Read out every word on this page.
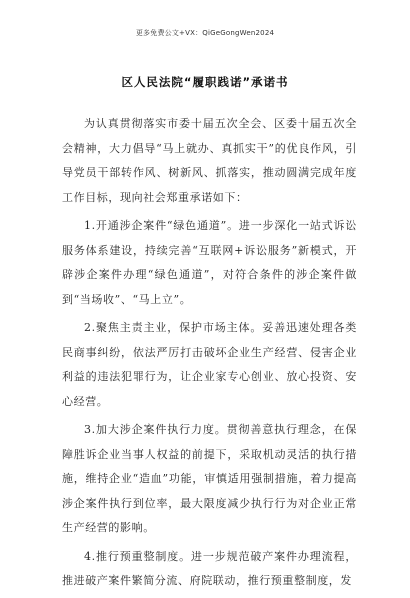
更多免费公文+VX：QiGeGongWen2024
区人民法院“履职践诺”承诺书

为认真贯彻落实市委十届五次全会、区委十届五次全会精神，大力倡导“马上就办、真抓实干”的优良作风，引导党员干部转作风、树新风、抓落实，推动圆满完成年度工作目标，现向社会郑重承诺如下：

1.开通涉企案件“绿色通道”。进一步深化一站式诉讼服务体系建设，持续完善“互联网+诉讼服务”新模式，开辟涉企案件办理“绿色通道”，对符合条件的涉企案件做到“当场收”、“马上立”。

2.聚焦主责主业，保护市场主体。妥善迅速处理各类民商事纠纷，依法严厉打击破坏企业生产经营、侵害企业利益的违法犯罪行为，让企业家专心创业、放心投资、安心经营。

3.加大涉企案件执行力度。贯彻善意执行理念，在保障胜诉企业当事人权益的前提下，采取机动灵活的执行措施，维持企业“造血”功能，审慎适用强制措施，着力提高涉企案件执行到位率，最大限度减少执行行为对企业正常生产经营的影响。

4.推行预重整制度。进一步规范破产案件办理流程，推进破产案件繁简分流、府院联动，推行预重整制度，发
